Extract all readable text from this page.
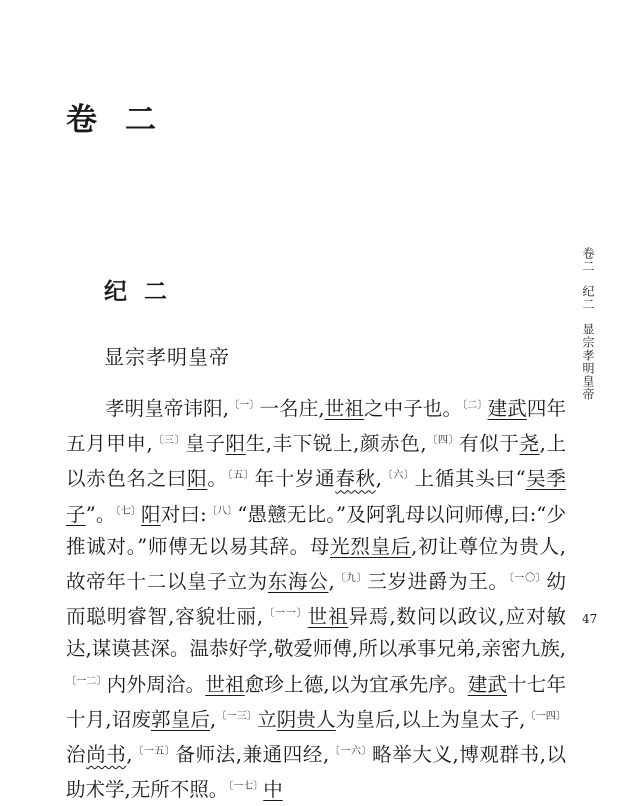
卷二
纪二
显宗孝明皇帝
卷二纪二显宗孝明皇帝
47

孝明皇帝讳阳,$^{〔一〕}$一名庄,世祖之中子也。$^{〔二〕}$建武四年五月甲申,$^{〔三〕}$皇子阳生,丰下锐上,颜赤色,$^{〔四〕}$有似于尧,上以赤色名之曰阳。$^{〔五〕}$年十岁通春秋,$^{〔六〕}$上循其头曰“吴季子”。$^{〔七〕}$阳对曰:$^{〔八〕}$“愚戆无比。”及阿乳母以问师傅,曰:“少推诚对。”师傅无以易其辞。母光烈皇后,初让尊位为贵人,故帝年十二以皇子立为东海公,$^{〔九〕}$三岁进爵为王。$^{〔一〇〕}$幼而聪明睿智,容貌壮丽,$^{〔一一〕}$世祖异焉,数问以政议,应对敏达,谋谟甚深。温恭好学,敬爱师傅,所以承事兄弟,亲密九族,$^{〔一二〕}$内外周洽。世祖愈珍上德,以为宜承先序。建武十七年十月,诏废郭皇后,$^{〔一三〕}$立阴贵人为皇后,以上为皇太子,$^{〔一四〕}$治尚书,$^{〔一五〕}$备师法,兼通四经,$^{〔一六〕}$略举大义,博观群书,以助术学,无所不照。$^{〔一七〕}$中
